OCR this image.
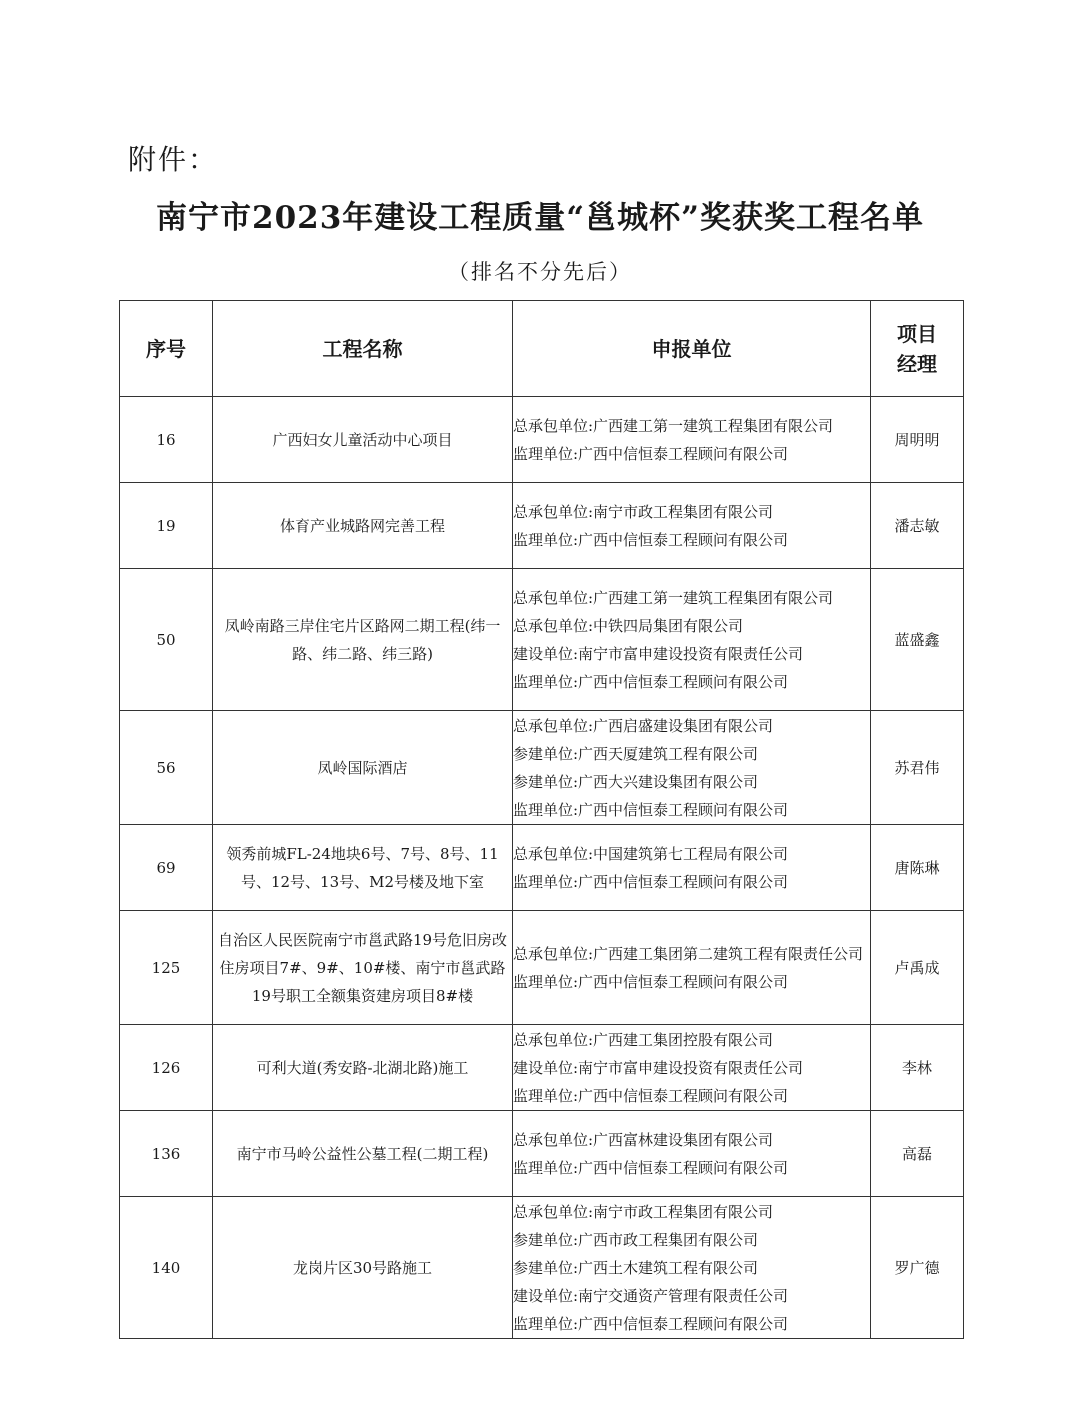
附件：
南宁市2023年建设工程质量“邕城杯”奖获奖工程名单
（排名不分先后）
序号	工程名称	申报单位	项目
经理

16	广西妇女儿童活动中心项目	总承包单位:广西建工第一建筑工程集团有限公司
监理单位:广西中信恒泰工程顾问有限公司	周明明
19	体育产业城路网完善工程	总承包单位:南宁市政工程集团有限公司
监理单位:广西中信恒泰工程顾问有限公司	潘志敏
50	凤岭南路三岸住宅片区路网二期工程(纬一路、纬二路、纬三路)	总承包单位:广西建工第一建筑工程集团有限公司
总承包单位:中铁四局集团有限公司
建设单位:南宁市富申建设投资有限责任公司
监理单位:广西中信恒泰工程顾问有限公司	蓝盛鑫
56	凤岭国际酒店	总承包单位:广西启盛建设集团有限公司
参建单位:广西天厦建筑工程有限公司
参建单位:广西大兴建设集团有限公司
监理单位:广西中信恒泰工程顾问有限公司	苏君伟
69	领秀前城FL-24地块6号、7号、8号、11号、12号、13号、M2号楼及地下室	总承包单位:中国建筑第七工程局有限公司
监理单位:广西中信恒泰工程顾问有限公司	唐陈琳
125	自治区人民医院南宁市邕武路19号危旧房改住房项目7#、9#、10#楼、南宁市邕武路19号职工全额集资建房项目8#楼	总承包单位:广西建工集团第二建筑工程有限责任公司
监理单位:广西中信恒泰工程顾问有限公司	卢禹成
126	可利大道(秀安路-北湖北路)施工	总承包单位:广西建工集团控股有限公司
建设单位:南宁市富申建设投资有限责任公司
监理单位:广西中信恒泰工程顾问有限公司	李林
136	南宁市马岭公益性公墓工程(二期工程)	总承包单位:广西富林建设集团有限公司
监理单位:广西中信恒泰工程顾问有限公司	高磊
140	龙岗片区30号路施工	总承包单位:南宁市政工程集团有限公司
参建单位:广西市政工程集团有限公司
参建单位:广西土木建筑工程有限公司
建设单位:南宁交通资产管理有限责任公司
监理单位:广西中信恒泰工程顾问有限公司	罗广德
